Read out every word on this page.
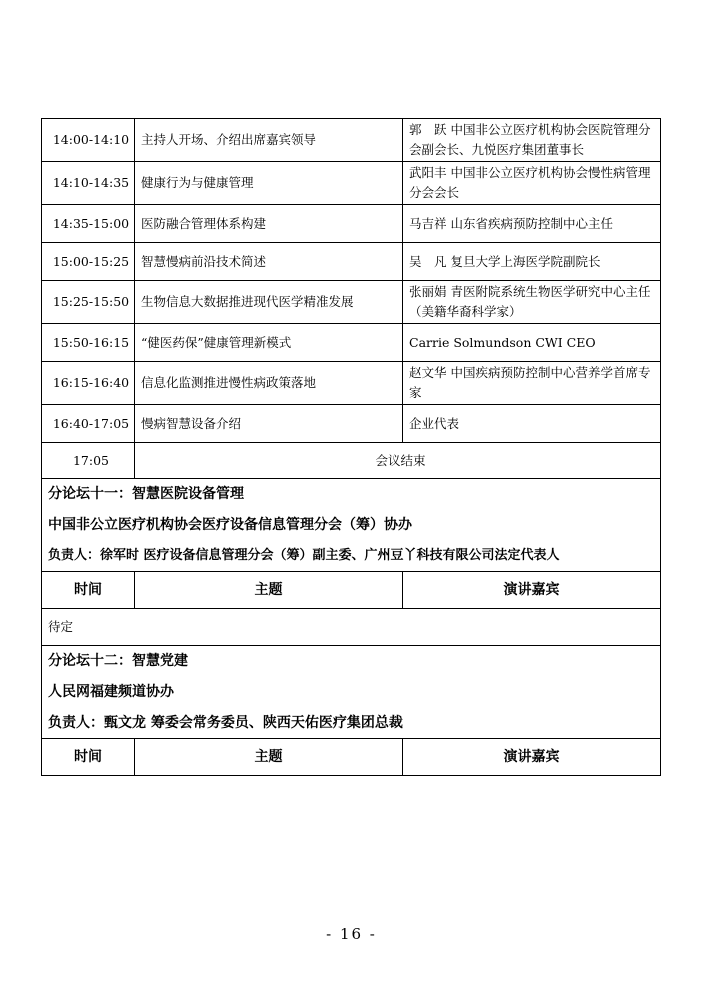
14:00-14:10	主持人开场、介绍出席嘉宾领导	郭　跃 中国非公立医疗机构协会医院管理分会副会长、九悦医疗集团董事长
14:10-14:35	健康行为与健康管理	武阳丰 中国非公立医疗机构协会慢性病管理分会会长
14:35-15:00	医防融合管理体系构建	马吉祥 山东省疾病预防控制中心主任
15:00-15:25	智慧慢病前沿技术简述	吴　凡 复旦大学上海医学院副院长
15:25-15:50	生物信息大数据推进现代医学精准发展	张丽娟 青医附院系统生物医学研究中心主任（美籍华裔科学家）
15:50-16:15	“健医药保”健康管理新模式	Carrie Solmundson CWI CEO
16:15-16:40	信息化监测推进慢性病政策落地	赵文华 中国疾病预防控制中心营养学首席专家
16:40-17:05	慢病智慧设备介绍	企业代表
17:05	会议结束	

分论坛十一：智慧医院设备管理
中国非公立医疗机构协会医疗设备信息管理分会（筹）协办
负责人：徐军时 医疗设备信息管理分会（筹）副主委、广州豆丫科技有限公司法定代表人		

时间	主题	演讲嘉宾
待定		

分论坛十二：智慧党建
人民网福建频道协办
负责人：甄文龙 筹委会常务委员、陕西天佑医疗集团总裁		

时间	主题	演讲嘉宾
- 16 -
